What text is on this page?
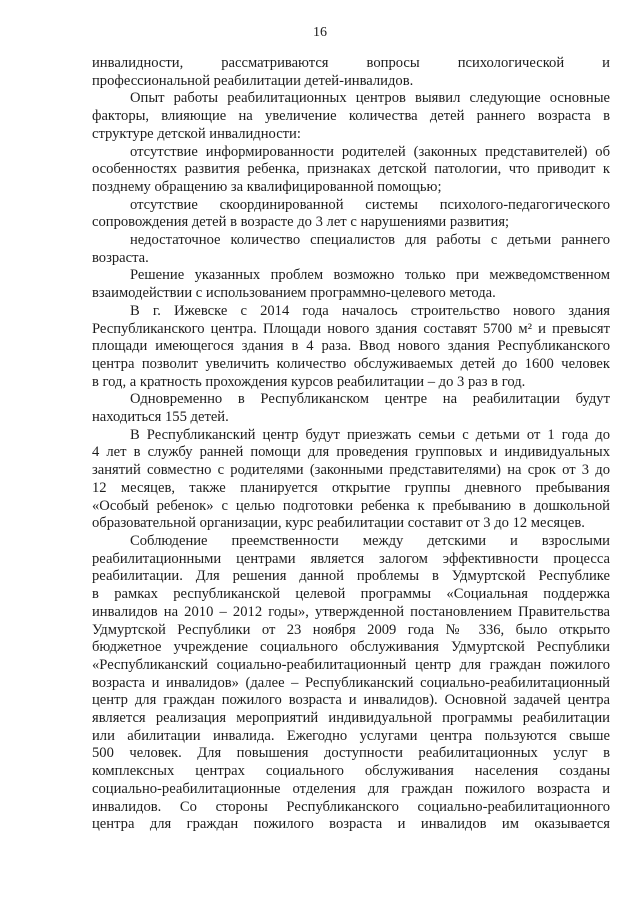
16
инвалидности, рассматриваются вопросы психологической и
профессиональной реабилитации детей-инвалидов.
Опыт работы реабилитационных центров выявил следующие основные
факторы, влияющие на увеличение количества детей раннего возраста в
структуре детской инвалидности:
отсутствие информированности родителей (законных представителей) об
особенностях развития ребенка, признаках детской патологии, что приводит к
позднему обращению за квалифицированной помощью;
отсутствие скоординированной системы психолого-педагогического
сопровождения детей в возрасте до 3 лет с нарушениями развития;
недостаточное количество специалистов для работы с детьми раннего
возраста.
Решение указанных проблем возможно только при межведомственном
взаимодействии с использованием программно-целевого метода.
В г. Ижевске с 2014 года началось строительство нового здания
Республиканского центра. Площади нового здания составят 5700 м² и превысят
площади имеющегося здания в 4 раза. Ввод нового здания Республиканского
центра позволит увеличить количество обслуживаемых детей до 1600 человек
в год, а кратность прохождения курсов реабилитации – до 3 раз в год.
Одновременно в Республиканском центре на реабилитации будут
находиться 155 детей.
В Республиканский центр будут приезжать семьи с детьми от 1 года до
4 лет в службу ранней помощи для проведения групповых и индивидуальных
занятий совместно с родителями (законными представителями) на срок от 3 до
12 месяцев, также планируется открытие группы дневного пребывания
«Особый ребенок» с целью подготовки ребенка к пребыванию в дошкольной
образовательной организации, курс реабилитации составит от 3 до 12 месяцев.
Соблюдение преемственности между детскими и взрослыми
реабилитационными центрами является залогом эффективности процесса
реабилитации. Для решения данной проблемы в Удмуртской Республике
в рамках республиканской целевой программы «Социальная поддержка
инвалидов на 2010 – 2012 годы», утвержденной постановлением Правительства
Удмуртской Республики от 23 ноября 2009 года № 336, было открыто
бюджетное учреждение социального обслуживания Удмуртской Республики
«Республиканский социально-реабилитационный центр для граждан пожилого
возраста и инвалидов» (далее – Республиканский социально-реабилитационный
центр для граждан пожилого возраста и инвалидов). Основной задачей центра
является реализация мероприятий индивидуальной программы реабилитации
или абилитации инвалида. Ежегодно услугами центра пользуются свыше
500 человек. Для повышения доступности реабилитационных услуг в
комплексных центрах социального обслуживания населения созданы
социально-реабилитационные отделения для граждан пожилого возраста и
инвалидов. Со стороны Республиканского социально-реабилитационного
центра для граждан пожилого возраста и инвалидов им оказывается
